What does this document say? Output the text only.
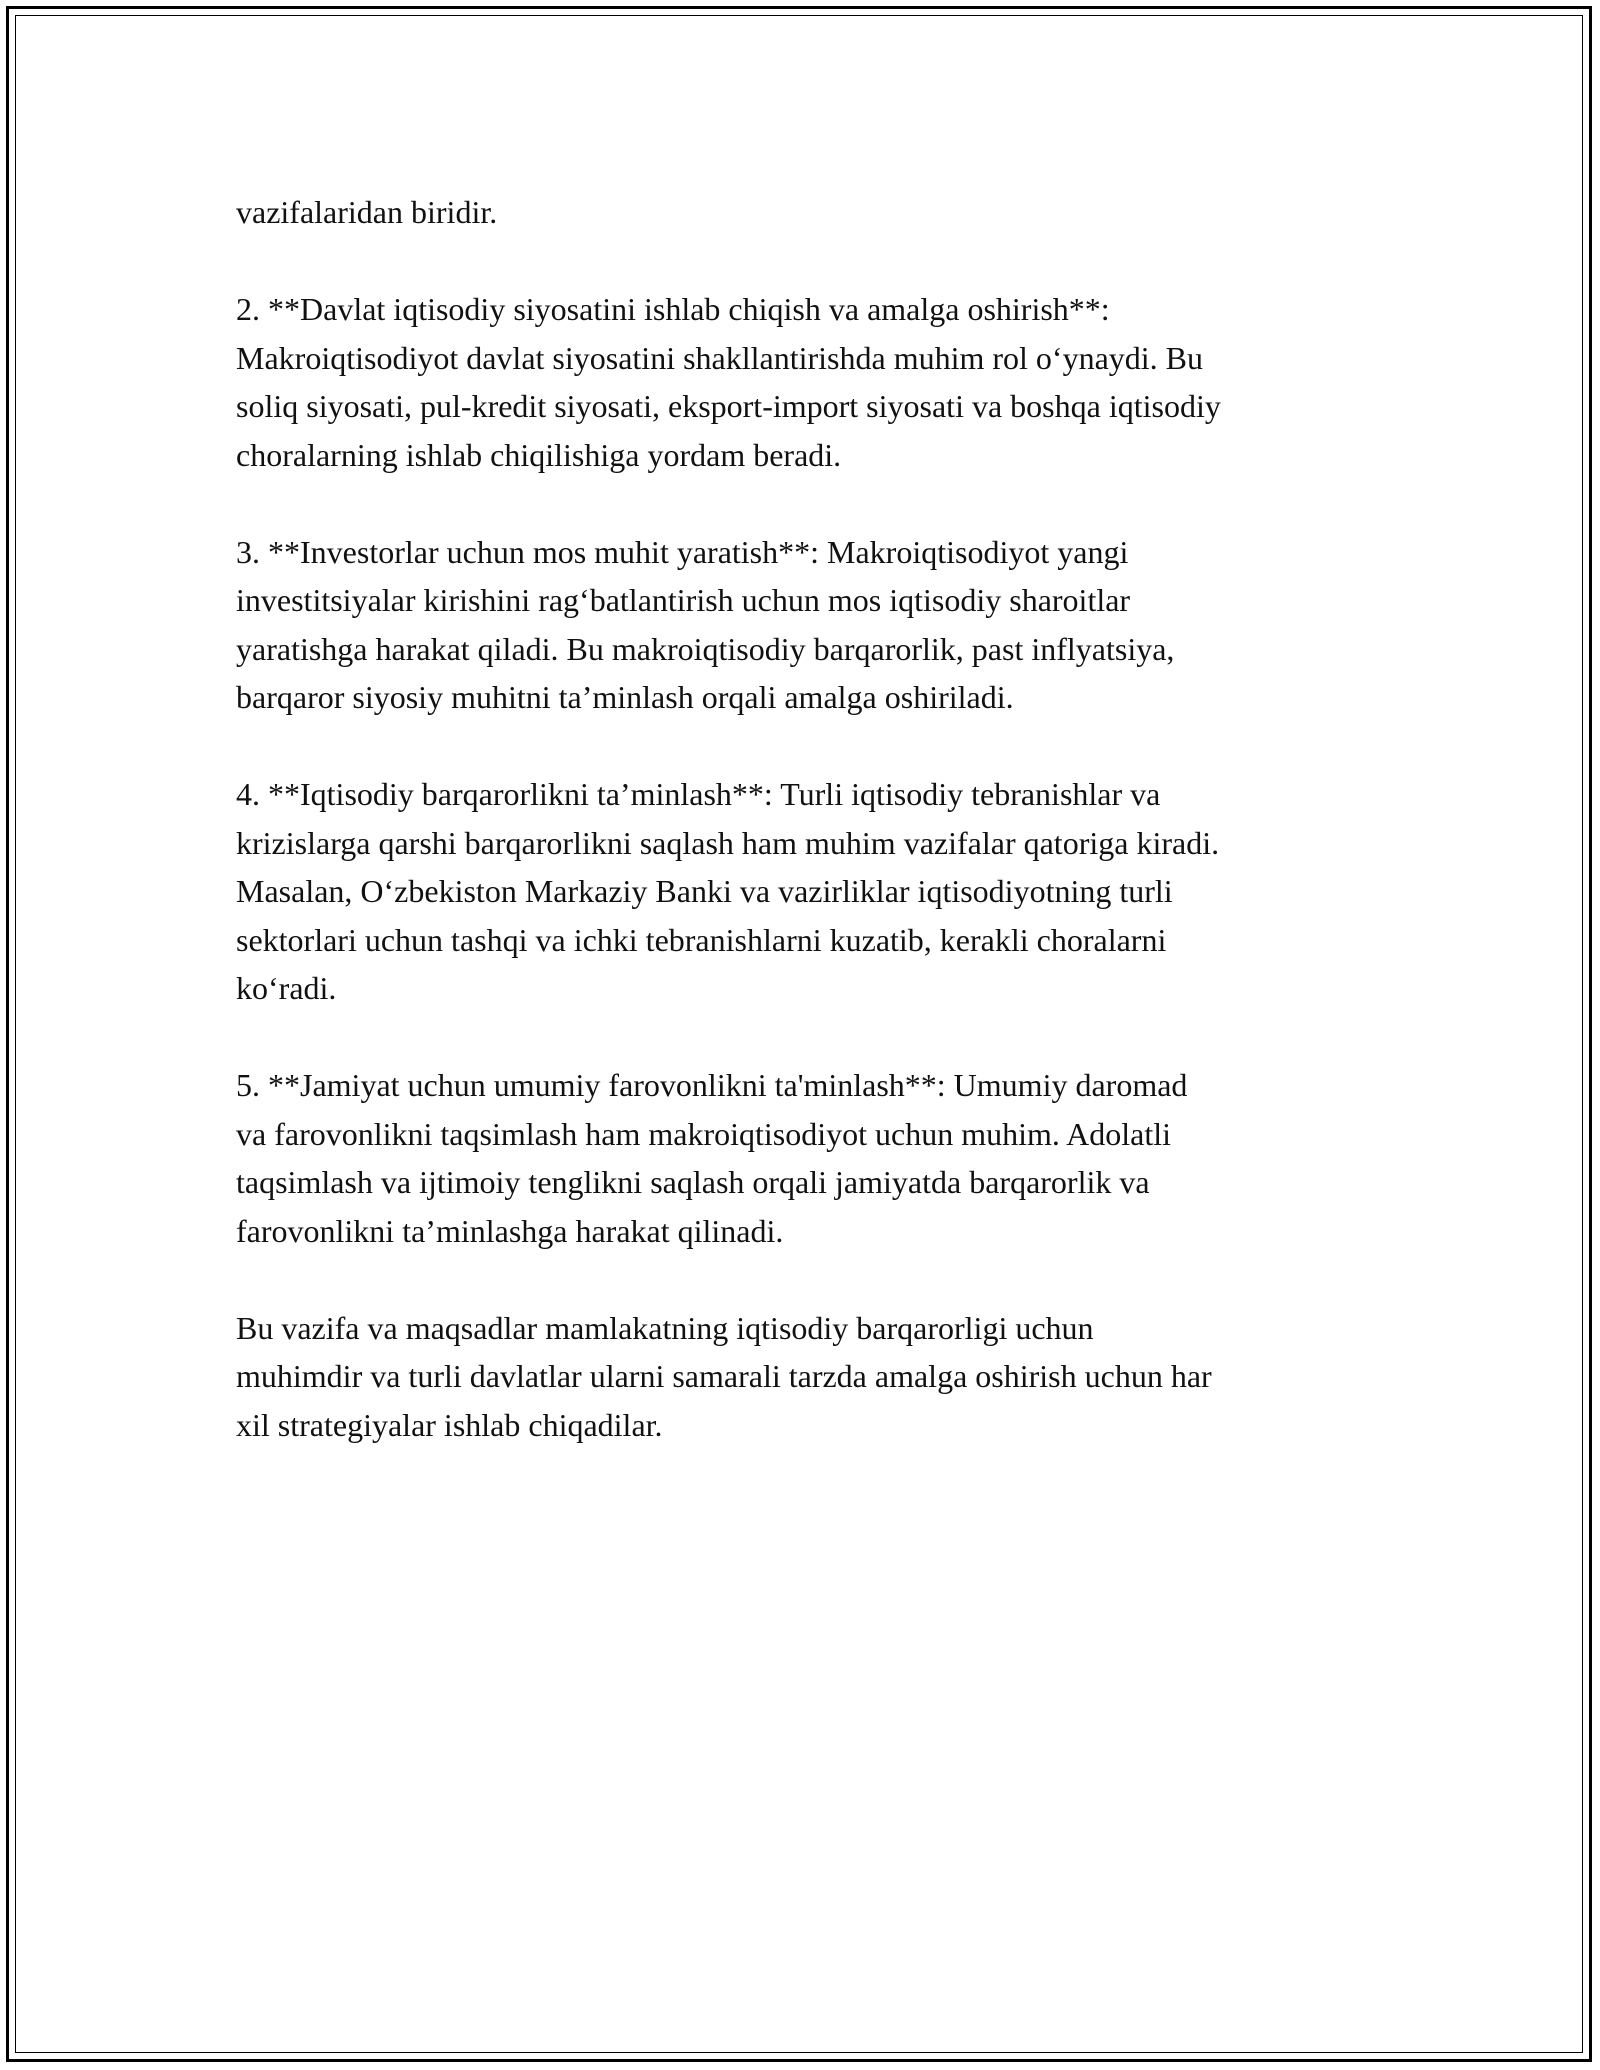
vazifalaridan biridir.

2. **Davlat iqtisodiy siyosatini ishlab chiqish va amalga oshirish**:
Makroiqtisodiyot davlat siyosatini shakllantirishda muhim rol o‘ynaydi. Bu
soliq siyosati, pul-kredit siyosati, eksport-import siyosati va boshqa iqtisodiy
choralarning ishlab chiqilishiga yordam beradi.

3. **Investorlar uchun mos muhit yaratish**: Makroiqtisodiyot yangi
investitsiyalar kirishini rag‘batlantirish uchun mos iqtisodiy sharoitlar
yaratishga harakat qiladi. Bu makroiqtisodiy barqarorlik, past inflyatsiya,
barqaror siyosiy muhitni ta’minlash orqali amalga oshiriladi.

4. **Iqtisodiy barqarorlikni ta’minlash**: Turli iqtisodiy tebranishlar va
krizislarga qarshi barqarorlikni saqlash ham muhim vazifalar qatoriga kiradi.
Masalan, O‘zbekiston Markaziy Banki va vazirliklar iqtisodiyotning turli
sektorlari uchun tashqi va ichki tebranishlarni kuzatib, kerakli choralarni
ko‘radi.

5. **Jamiyat uchun umumiy farovonlikni ta'minlash**: Umumiy daromad
va farovonlikni taqsimlash ham makroiqtisodiyot uchun muhim. Adolatli
taqsimlash va ijtimoiy tenglikni saqlash orqali jamiyatda barqarorlik va
farovonlikni ta’minlashga harakat qilinadi.

Bu vazifa va maqsadlar mamlakatning iqtisodiy barqarorligi uchun
muhimdir va turli davlatlar ularni samarali tarzda amalga oshirish uchun har
xil strategiyalar ishlab chiqadilar.
